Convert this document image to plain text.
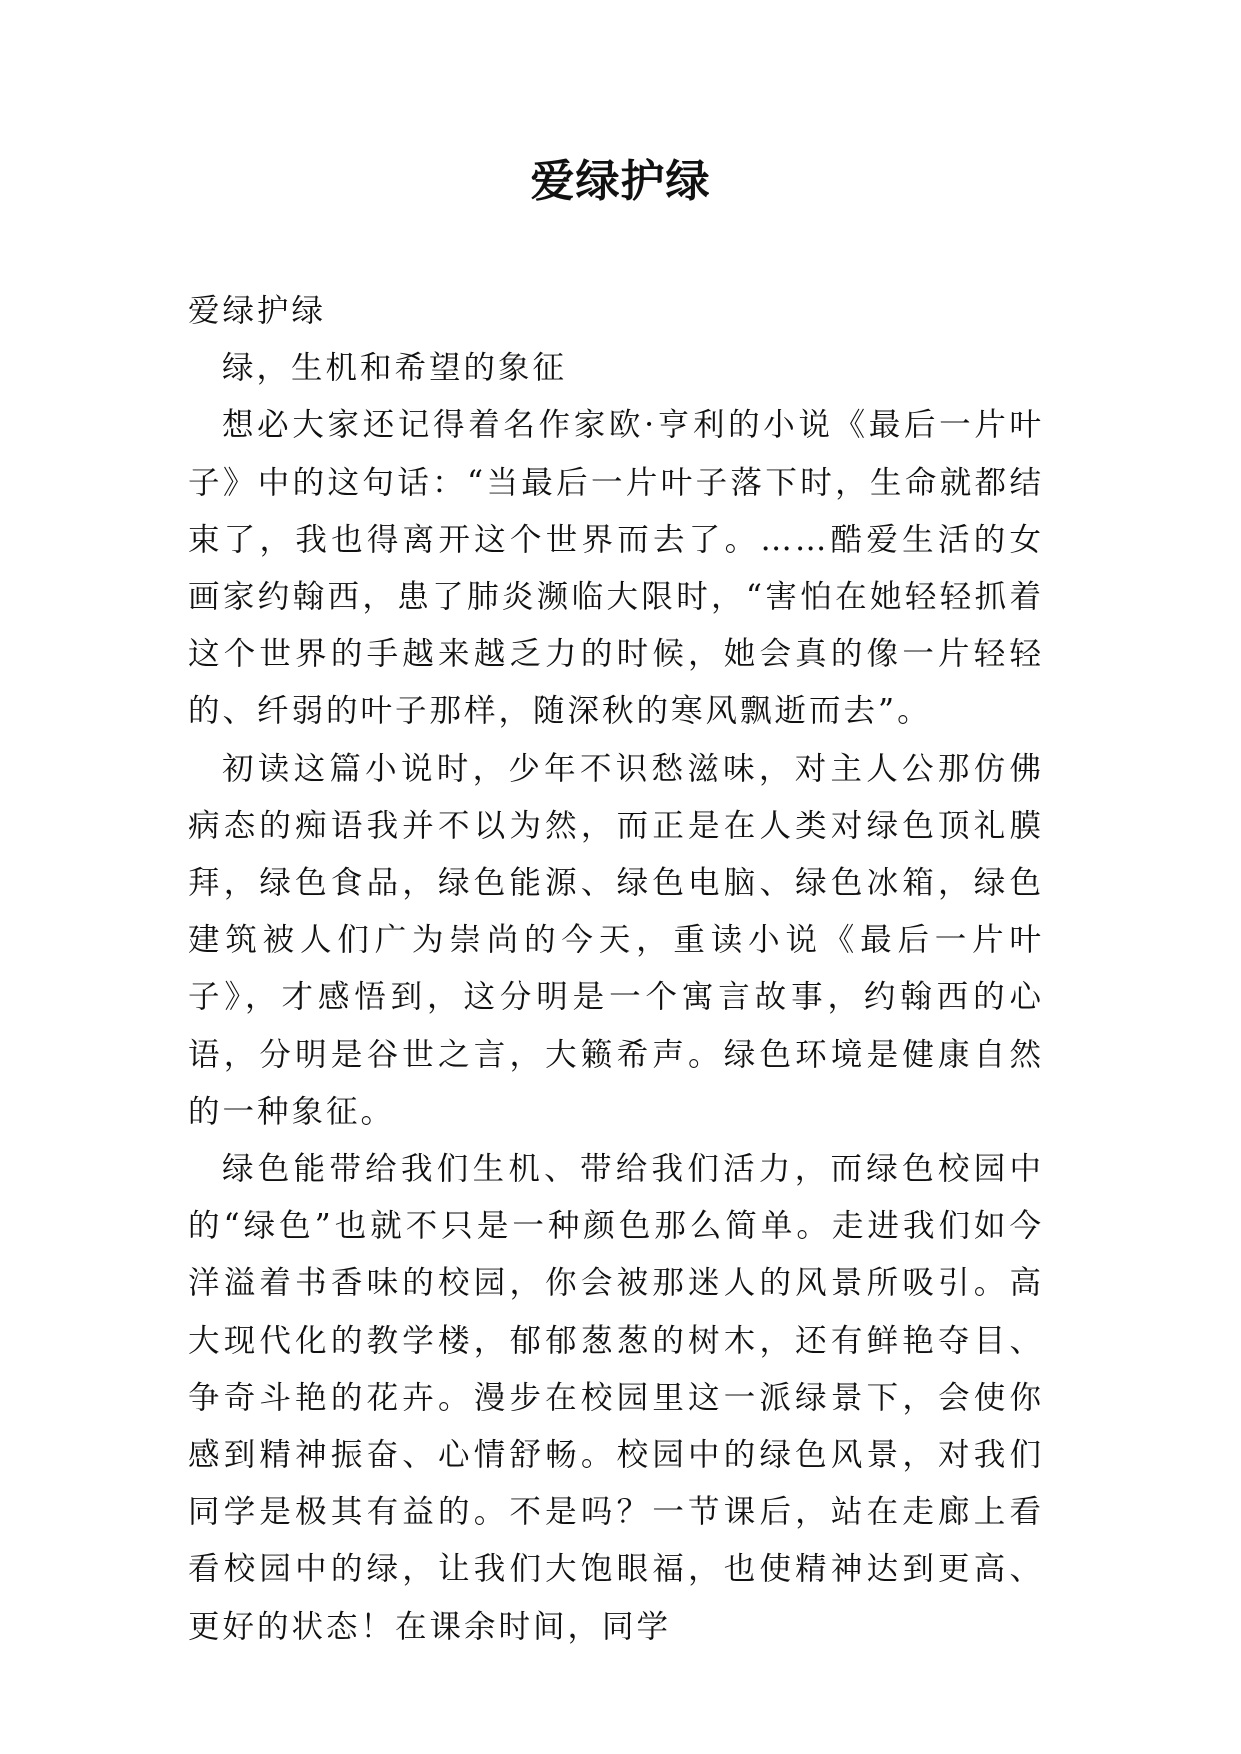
爱绿护绿

爱绿护绿

绿，生机和希望的象征

想必大家还记得着名作家欧·亨利的小说《最后一片叶子》中的这句话：“当最后一片叶子落下时，生命就都结束了，我也得离开这个世界而去了。……酷爱生活的女画家约翰西，患了肺炎濒临大限时，“害怕在她轻轻抓着这个世界的手越来越乏力的时候，她会真的像一片轻轻的、纤弱的叶子那样，随深秋的寒风飘逝而去”。

初读这篇小说时，少年不识愁滋味，对主人公那仿佛病态的痴语我并不以为然，而正是在人类对绿色顶礼膜拜，绿色食品，绿色能源、绿色电脑、绿色冰箱，绿色建筑被人们广为崇尚的今天，重读小说《最后一片叶子》，才感悟到，这分明是一个寓言故事，约翰西的心语，分明是谷世之言，大籁希声。绿色环境是健康自然的一种象征。

绿色能带给我们生机、带给我们活力，而绿色校园中的“绿色”也就不只是一种颜色那么简单。走进我们如今洋溢着书香味的校园，你会被那迷人的风景所吸引。高大现代化的教学楼，郁郁葱葱的树木，还有鲜艳夺目、争奇斗艳的花卉。漫步在校园里这一派绿景下，会使你感到精神振奋、心情舒畅。校园中的绿色风景，对我们同学是极其有益的。不是吗？一节课后，站在走廊上看看校园中的绿，让我们大饱眼福，也使精神达到更高、更好的状态！在课余时间，同学
